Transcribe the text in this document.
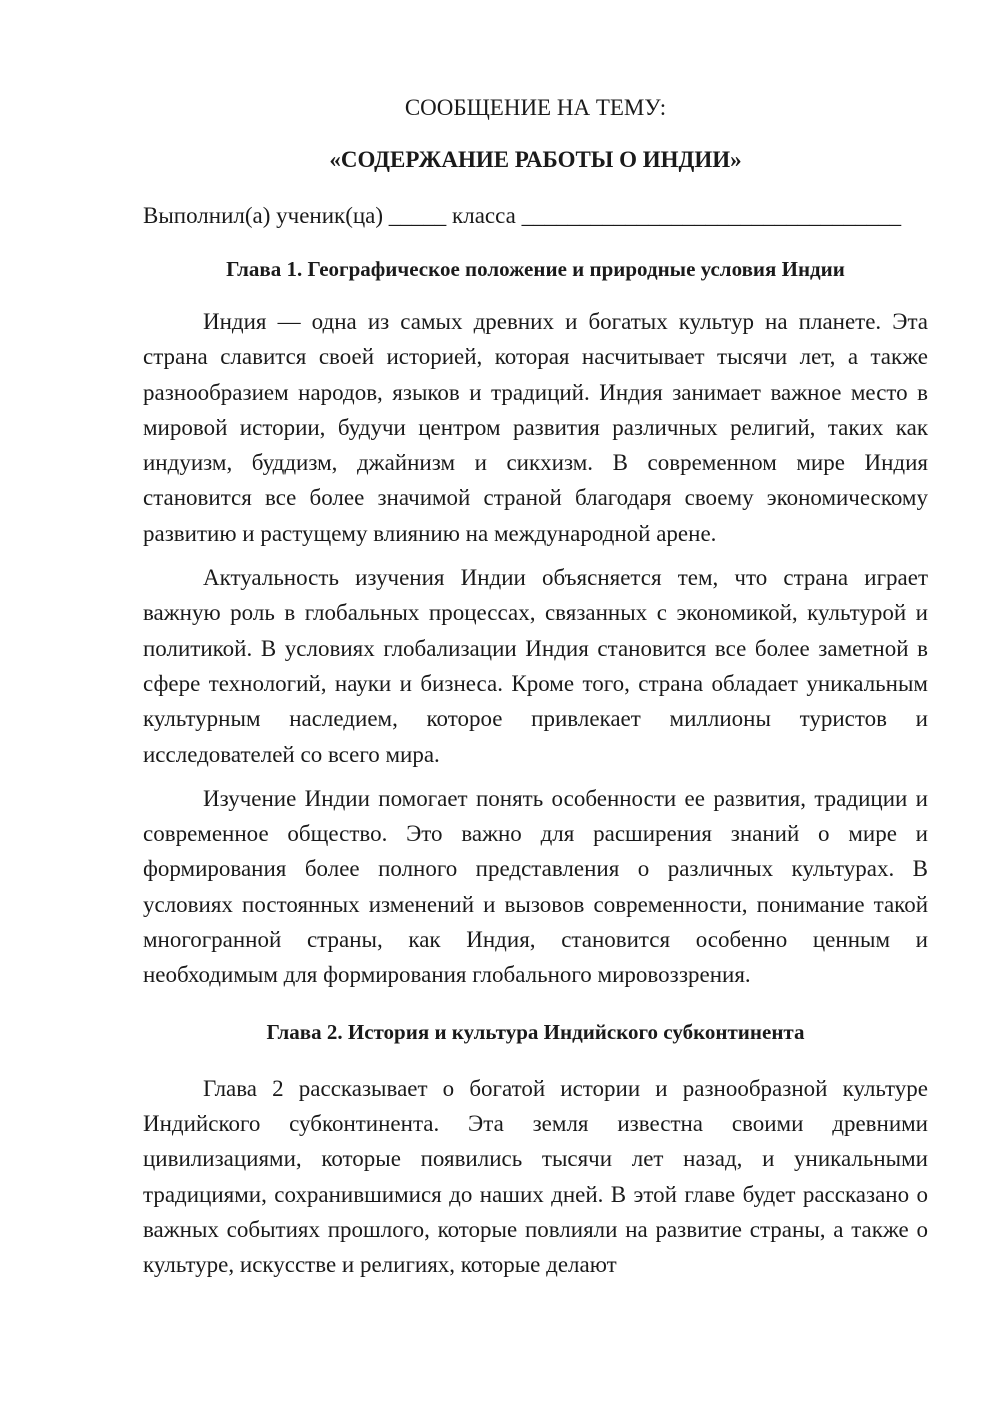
СООБЩЕНИЕ НА ТЕМУ:

«СОДЕРЖАНИЕ РАБОТЫ О ИНДИИ»

Выполнил(а) ученик(ца) _____ класса _________________________________
Глава 1. Географическое положение и природные условия Индии

Индия — одна из самых древних и богатых культур на планете. Эта страна славится своей историей, которая насчитывает тысячи лет, а также разнообразием народов, языков и традиций. Индия занимает важное место в мировой истории, будучи центром развития различных религий, таких как индуизм, буддизм, джайнизм и сикхизм. В современном мире Индия становится все более значимой страной благодаря своему экономическому развитию и растущему влиянию на международной арене.

Актуальность изучения Индии объясняется тем, что страна играет важную роль в глобальных процессах, связанных с экономикой, культурой и политикой. В условиях глобализации Индия становится все более заметной в сфере технологий, науки и бизнеса. Кроме того, страна обладает уникальным культурным наследием, которое привлекает миллионы туристов и исследователей со всего мира.

Изучение Индии помогает понять особенности ее развития, традиции и современное общество. Это важно для расширения знаний о мире и формирования более полного представления о различных культурах. В условиях постоянных изменений и вызовов современности, понимание такой многогранной страны, как Индия, становится особенно ценным и необходимым для формирования глобального мировоззрения.

Глава 2. История и культура Индийского субконтинента

Глава 2 рассказывает о богатой истории и разнообразной культуре Индийского субконтинента. Эта земля известна своими древними цивилизациями, которые появились тысячи лет назад, и уникальными традициями, сохранившимися до наших дней. В этой главе будет рассказано о важных событиях прошлого, которые повлияли на развитие страны, а также о культуре, искусстве и религиях, которые делают
